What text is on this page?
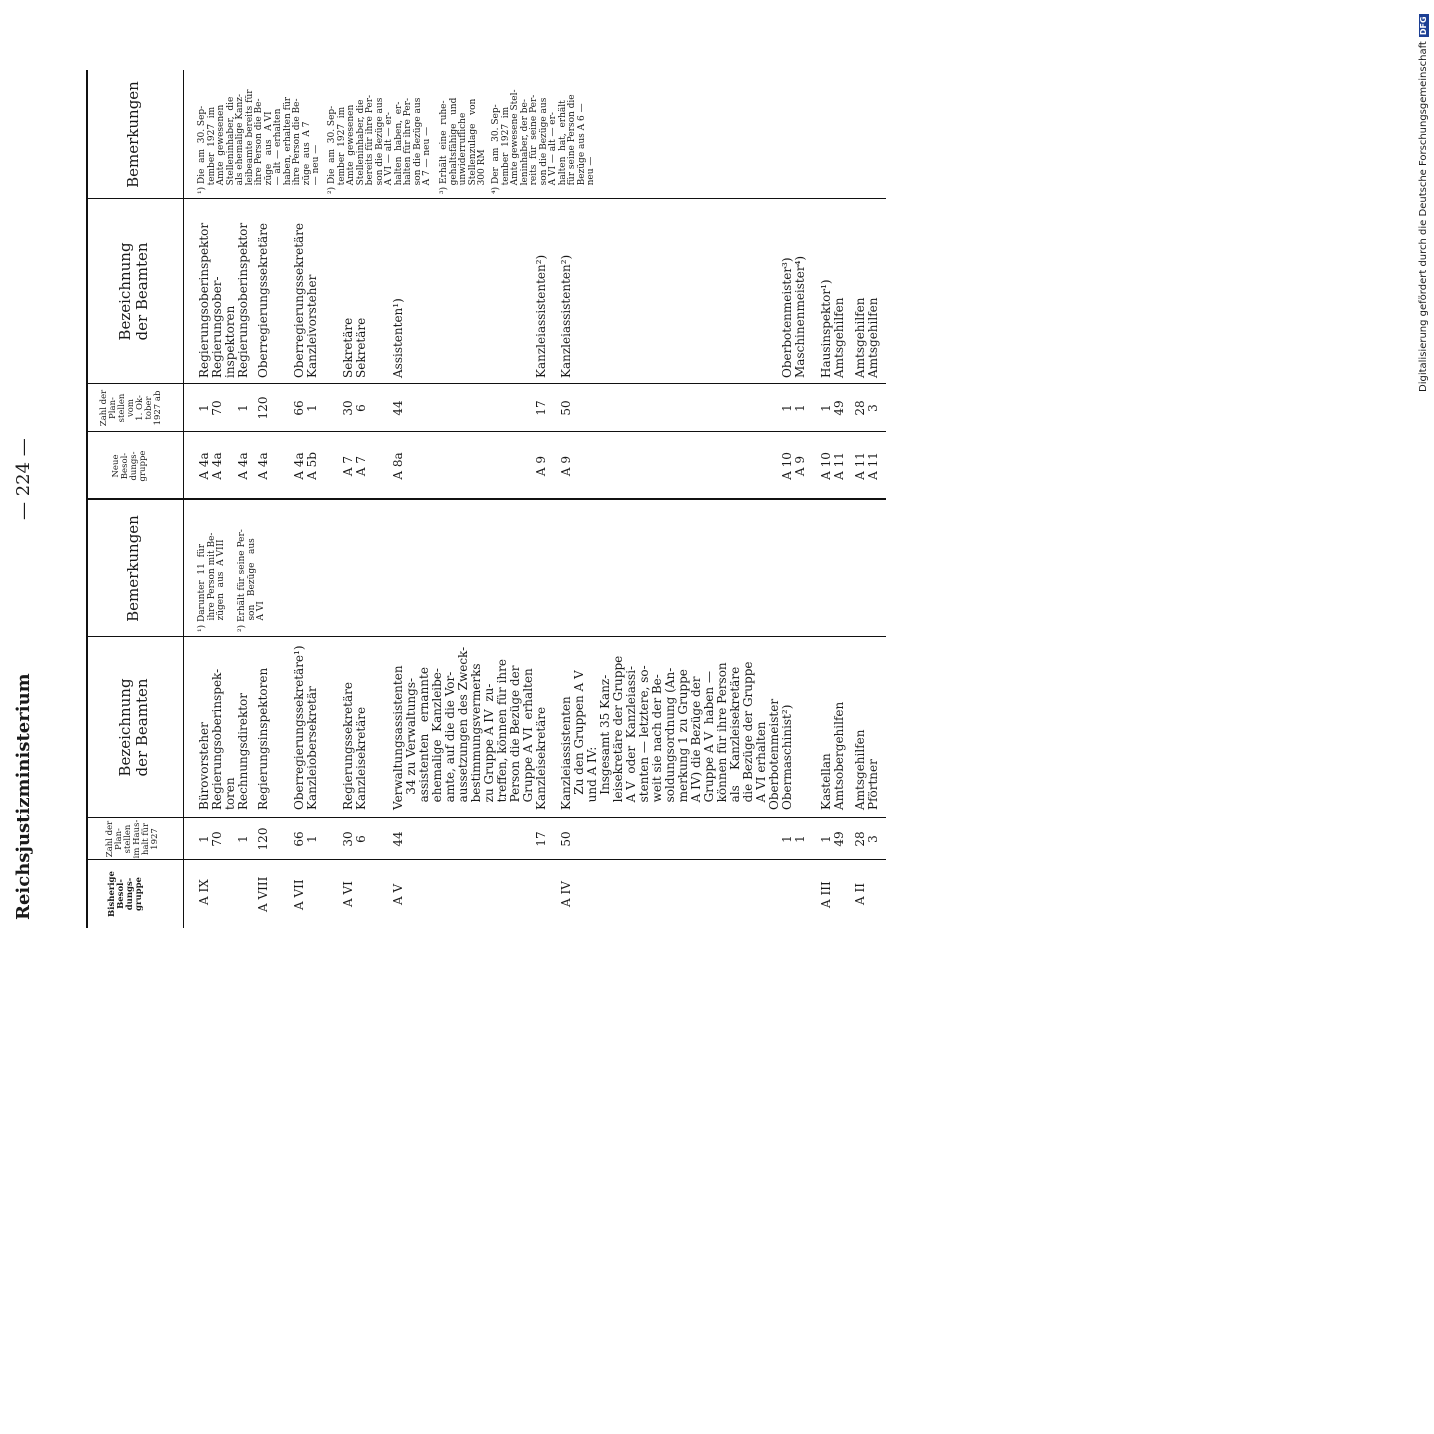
Reichsjustizministerium
— 224 —
Bisherige
Besol-
dungs-
gruppe
Zahl der
Plan-
stellen
im Haus-
halt für
1927
Bezeichnung
der Beamten
Bemerkungen
Neue
Besol-
dungs-
gruppe
Zahl der
Plan-
stellen
vom
1. Ok-
tober
1927 ab
Bezeichnung
der Beamten
Bemerkungen
A IX
1
70

1
Bürovorsteher
Regierungsoberinspek-
toren
Rechnungsdirektor
A 4a
A 4a

A 4a
1
70

1
Regierungsoberinspektor
Regierungsober-
inspektoren
Regierungsoberinspektor
A VIII
120
Regierungsinspektoren
A 4a
120
Oberregierungssekretäre
A VII
66
1
Oberregierungssekretäre¹)
Kanzleiobersekretär
A 4a
A 5b
66
1
Oberregierungssekretäre
Kanzleivorsteher
A VI
30
6
Regierungssekretäre
Kanzleisekretäre
A 7
A 7
30
6
Sekretäre
Sekretäre
A V
44

17
Verwaltungsassistenten
34 zu Verwaltungs-
assistenten   ernannte
ehemalige  Kanzleibe-
amte, auf die die Vor-
aussetzungen des Zweck-
bestimmungsvermerks
zu Gruppe A IV  zu-
treffen, können für ihre
Person die Bezüge der
Gruppe A VI  erhalten
Kanzleisekretäre
A 8a

A 9
44

17
Assistenten¹)

Kanzleiassistenten²)
A IV
50

1
1
Kanzleiassistenten
Zu den Gruppen A V
und A IV:
Insgesamt 35 Kanz-
leisekretäre der Gruppe
A V  oder  Kanzleiassi-
stenten — letztere, so-
weit sie nach der Be-
soldungsordnung (An-
merkung 1 zu Gruppe
A IV) die Bezüge der
Gruppe A V  haben —
können für ihre Person
als    Kanzleisekretäre
die Bezüge der Gruppe
A VI erhalten
Oberbotenmeister
Obermaschinist²)
A 9

A 10
A 9
50

1
1
Kanzleiassistenten²)

Oberbotenmeister³)
Maschinenmeister⁴)
A III
1
49
Kastellan
Amtsobergehilfen
A 10
A 11
1
49
Hausinspektor¹)
Amtsgehilfen
A II
28
3
Amtsgehilfen
Pförtner
A 11
A 11
28
3
Amtsgehilfen
Amtsgehilfen
¹) Darunter  11  für
ihre Person mit Be-
zügen  aus  A VIII
²) Erhält für seine Per-
son   Bezüge   aus
A VI
¹) Die  am  30. Sep-
tember  1927  im
Amte  gewesenen
Stelleninhaber,  die
als ehemalige Kanz-
leibeamte bereits für
ihre Person die Be-
züge   aus   A VI
— alt — erhalten
haben, erhalten für
ihre Person die Be-
züge  aus  A 7
— neu —
²) Die  am  30. Sep-
tember  1927  im
Amte  gewesenen
Stelleninhaber, die
bereits für ihre Per-
son die Bezüge aus
A VI — alt — er-
halten  haben,  er-
halten für ihre Per-
son die Bezüge aus
A 7 — neu —
³) Erhält  eine  ruhe-
gehaltsfähige   und
unwiderrufliche
Stellenzulage   von
300 RM
⁴) Der  am  30. Sep-
tember  1927  im
Amte gewesene Stel-
leninhaber, der be-
reits  für  seine Per-
son die Bezüge aus
A VI — alt — er-
halten  hat,  erhält
für seine Person die
Bezüge aus A 6 —
neu —	Digitalisierung gefördert durch die Deutsche ForschungsgemeinschaftDFG
